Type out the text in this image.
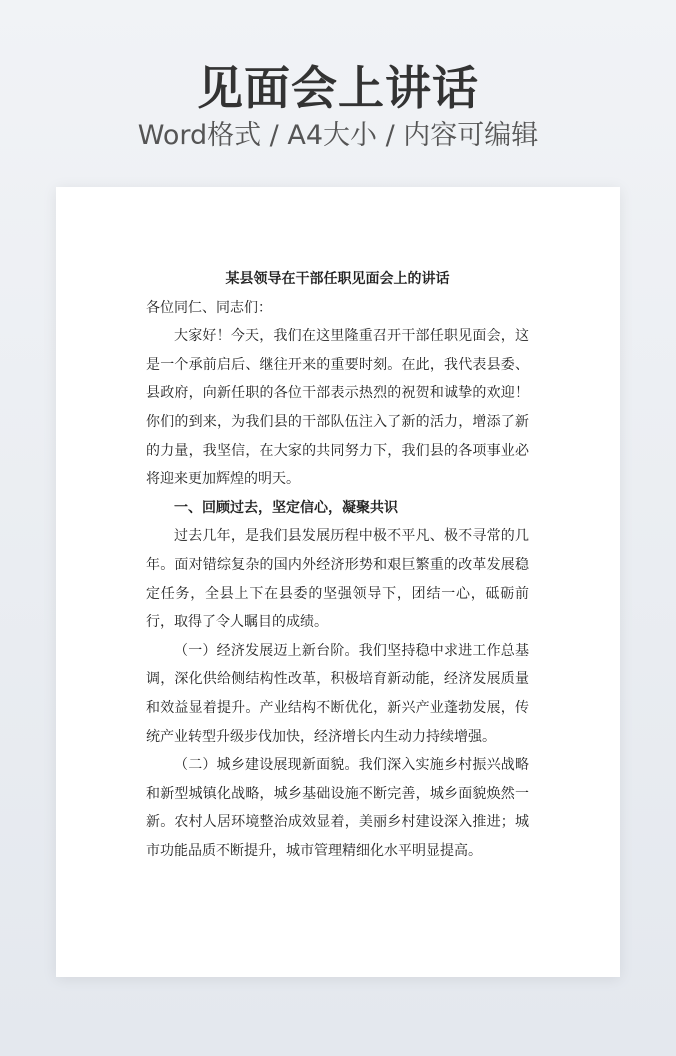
见面会上讲话
Word格式 / A4大小 / 内容可编辑

某县领导在干部任职见面会上的讲话

各位同仁、同志们：

大家好！今天，我们在这里隆重召开干部任职见面会，这是一个承前启后、继往开来的重要时刻。在此，我代表县委、县政府，向新任职的各位干部表示热烈的祝贺和诚挚的欢迎！你们的到来，为我们县的干部队伍注入了新的活力，增添了新的力量，我坚信，在大家的共同努力下，我们县的各项事业必将迎来更加辉煌的明天。

一、回顾过去，坚定信心，凝聚共识

过去几年，是我们县发展历程中极不平凡、极不寻常的几年。面对错综复杂的国内外经济形势和艰巨繁重的改革发展稳定任务，全县上下在县委的坚强领导下，团结一心，砥砺前行，取得了令人瞩目的成绩。

（一）经济发展迈上新台阶。我们坚持稳中求进工作总基调，深化供给侧结构性改革，积极培育新动能，经济发展质量和效益显着提升。产业结构不断优化，新兴产业蓬勃发展，传统产业转型升级步伐加快，经济增长内生动力持续增强。

（二）城乡建设展现新面貌。我们深入实施乡村振兴战略和新型城镇化战略，城乡基础设施不断完善，城乡面貌焕然一新。农村人居环境整治成效显着，美丽乡村建设深入推进；城市功能品质不断提升，城市管理精细化水平明显提高。
